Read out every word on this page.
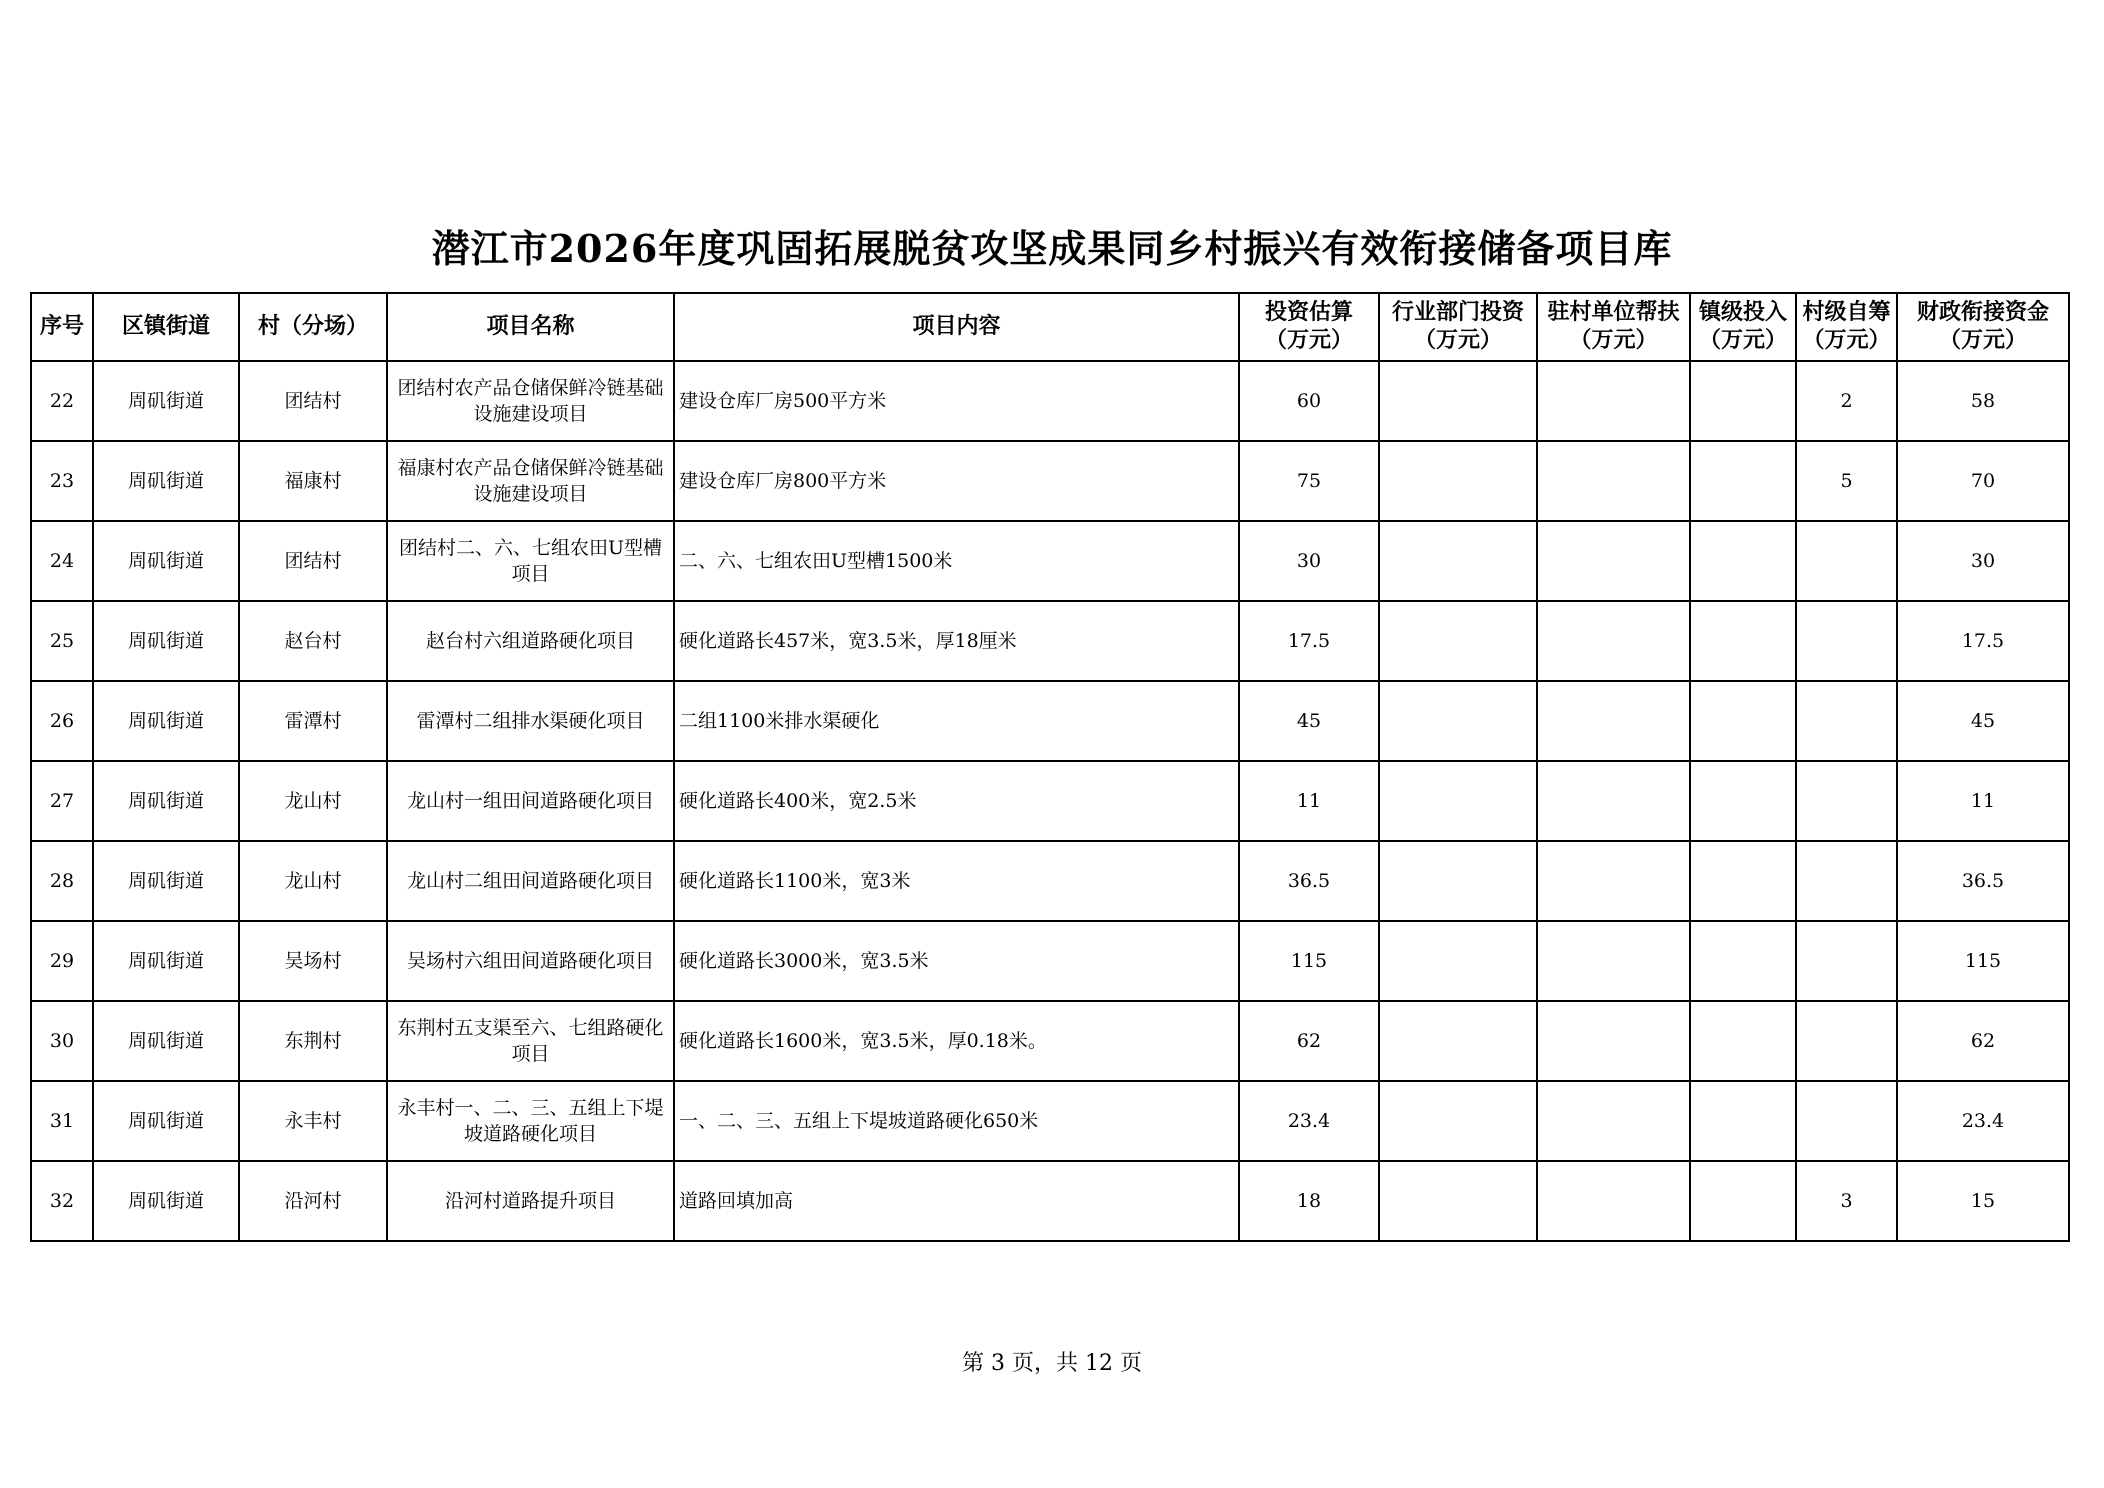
潜江市2026年度巩固拓展脱贫攻坚成果同乡村振兴有效衔接储备项目库
序号	区镇街道	村（分场）	项目名称	项目内容	投资估算（万元）	行业部门投资（万元）	驻村单位帮扶（万元）	镇级投入（万元）	村级自筹（万元）	财政衔接资金（万元）
22	周矶街道	团结村	团结村农产品仓储保鲜冷链基础设施建设项目	建设仓库厂房500平方米	60				2	58
23	周矶街道	福康村	福康村农产品仓储保鲜冷链基础设施建设项目	建设仓库厂房800平方米	75				5	70
24	周矶街道	团结村	团结村二、六、七组农田U型槽项目	二、六、七组农田U型槽1500米	30					30
25	周矶街道	赵台村	赵台村六组道路硬化项目	硬化道路长457米，宽3.5米，厚18厘米	17.5					17.5
26	周矶街道	雷潭村	雷潭村二组排水渠硬化项目	二组1100米排水渠硬化	45					45
27	周矶街道	龙山村	龙山村一组田间道路硬化项目	硬化道路长400米，宽2.5米	11					11
28	周矶街道	龙山村	龙山村二组田间道路硬化项目	硬化道路长1100米，宽3米	36.5					36.5
29	周矶街道	吴场村	吴场村六组田间道路硬化项目	硬化道路长3000米，宽3.5米	115					115
30	周矶街道	东荆村	东荆村五支渠至六、七组路硬化项目	硬化道路长1600米，宽3.5米，厚0.18米。	62					62
31	周矶街道	永丰村	永丰村一、二、三、五组上下堤坡道路硬化项目	一、二、三、五组上下堤坡道路硬化650米	23.4					23.4
32	周矶街道	沿河村	沿河村道路提升项目	道路回填加高	18				3	15
第 3 页，共 12 页
